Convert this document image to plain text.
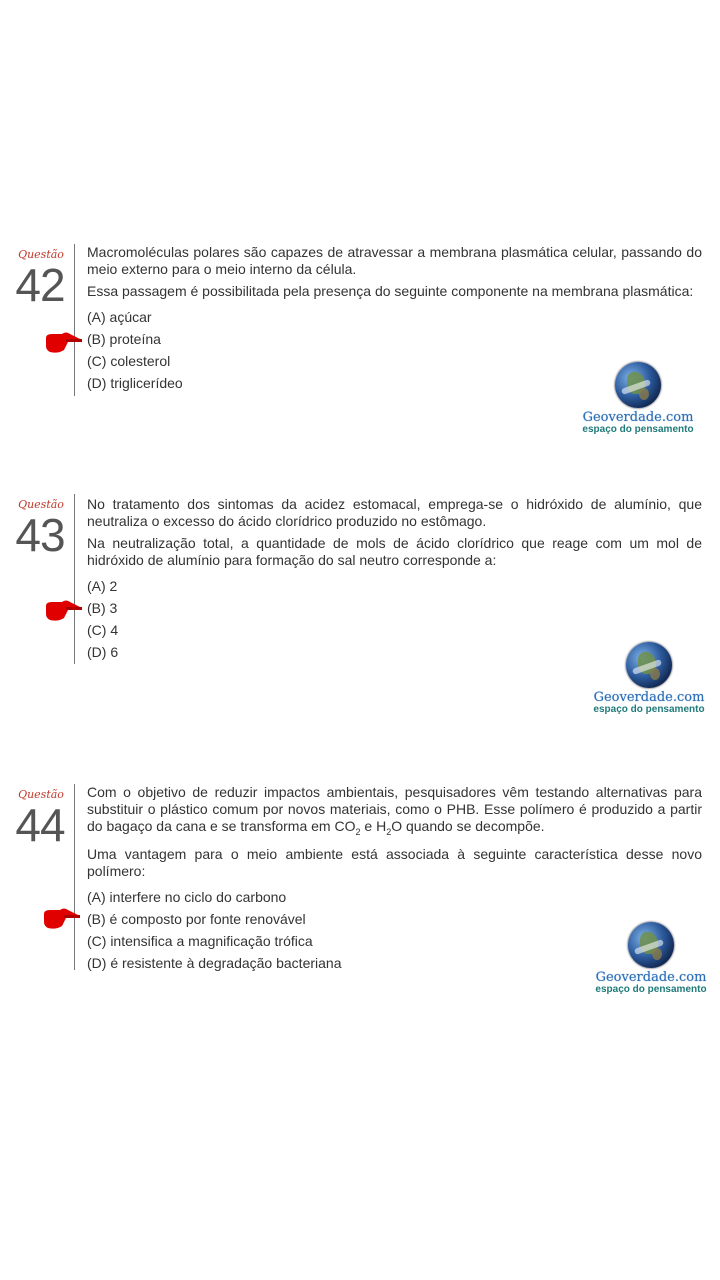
Questão
42

Macromoléculas polares são capazes de atravessar a membrana plasmática celular, passando do meio externo para o meio interno da célula.

Essa passagem é possibilitada pela presença do seguinte componente na membrana plasmática:

(A) açúcar
(B) proteína
(C) colesterol
(D) triglicerídeo
Geoverdade.com
espaço do pensamento
Questão
43

No tratamento dos sintomas da acidez estomacal, emprega-se o hidróxido de alumínio, que neutraliza o excesso do ácido clorídrico produzido no estômago.

Na neutralização total, a quantidade de mols de ácido clorídrico que reage com um mol de hidróxido de alumínio para formação do sal neutro corresponde a:

(A) 2
(B) 3
(C) 4
(D) 6
Geoverdade.com
espaço do pensamento
Questão
44

Com o objetivo de reduzir impactos ambientais, pesquisadores vêm testando alternativas para substituir o plástico comum por novos materiais, como o PHB. Esse polímero é produzido a partir do bagaço da cana e se transforma em $CO_2$ e $H_2O$ quando se decompõe.

Uma vantagem para o meio ambiente está associada à seguinte característica desse novo polímero:

(A) interfere no ciclo do carbono
(B) é composto por fonte renovável
(C) intensifica a magnificação trófica
(D) é resistente à degradação bacteriana
Geoverdade.com
espaço do pensamento
